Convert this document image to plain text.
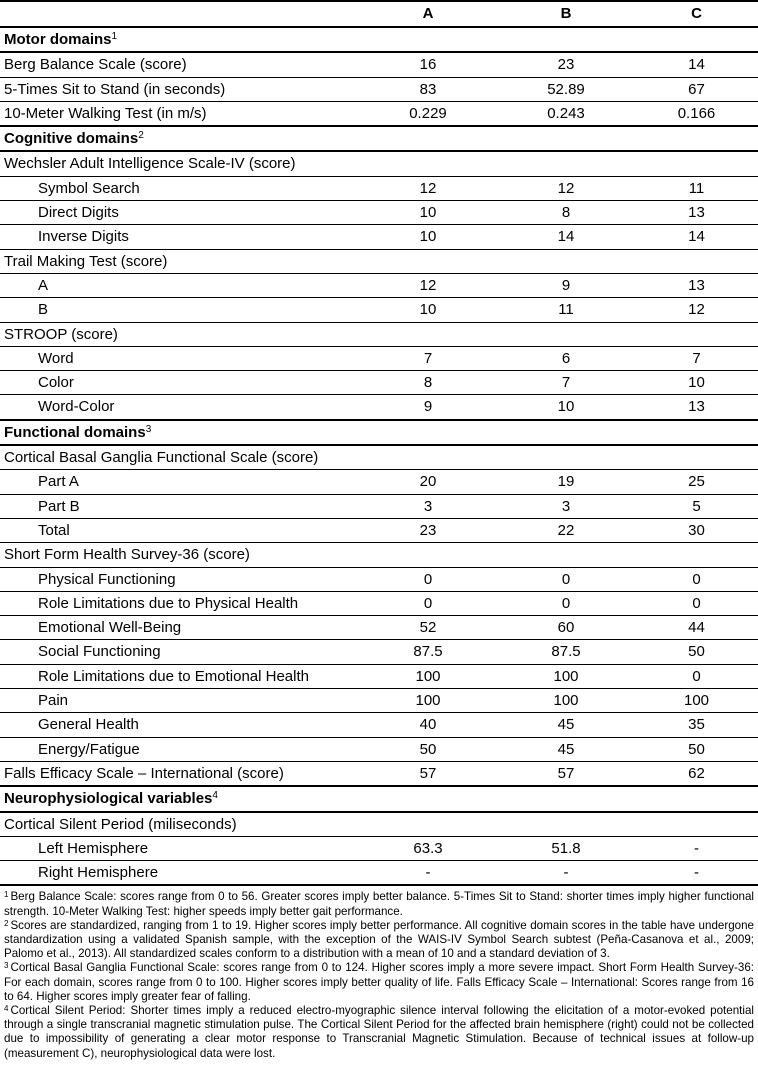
	A	B	C
Motor domains$^1$
Berg Balance Scale (score)	16	23	14
5-Times Sit to Stand (in seconds)	83	52.89	67
10-Meter Walking Test (in m/s)	0.229	0.243	0.166
Cognitive domains$^2$
Wechsler Adult Intelligence Scale-IV (score)			
Symbol Search	12	12	11
Direct Digits	10	8	13
Inverse Digits	10	14	14
Trail Making Test (score)			
A	12	9	13
B	10	11	12
STROOP (score)			
Word	7	6	7
Color	8	7	10
Word-Color	9	10	13
Functional domains$^3$
Cortical Basal Ganglia Functional Scale (score)			
Part A	20	19	25
Part B	3	3	5
Total	23	22	30
Short Form Health Survey-36 (score)			
Physical Functioning	0	0	0
Role Limitations due to Physical Health	0	0	0
Emotional Well-Being	52	60	44
Social Functioning	87.5	87.5	50
Role Limitations due to Emotional Health	100	100	0
Pain	100	100	100
General Health	40	45	35
Energy/Fatigue	50	45	50
Falls Efficacy Scale – International (score)	57	57	62
Neurophysiological variables$^4$
Cortical Silent Period (miliseconds)			
Left Hemisphere	63.3	51.8	-
Right Hemisphere	-	-	-

$^1$ Berg Balance Scale: scores range from 0 to 56. Greater scores imply better balance. 5-Times Sit to Stand: shorter times imply higher functional strength. 10-Meter Walking Test: higher speeds imply better gait performance.

$^2$ Scores are standardized, ranging from 1 to 19. Higher scores imply better performance. All cognitive domain scores in the table have undergone standardization using a validated Spanish sample, with the exception of the WAIS-IV Symbol Search subtest (Peña-Casanova et al., 2009; Palomo et al., 2013). All standardized scales conform to a distribution with a mean of 10 and a standard deviation of 3.

$^3$ Cortical Basal Ganglia Functional Scale: scores range from 0 to 124. Higher scores imply a more severe impact. Short Form Health Survey-36: For each domain, scores range from 0 to 100. Higher scores imply better quality of life. Falls Efficacy Scale – International: Scores range from 16 to 64. Higher scores imply greater fear of falling.

$^4$ Cortical Silent Period: Shorter times imply a reduced electro-myographic silence interval following the elicitation of a motor-evoked potential through a single transcranial magnetic stimulation pulse. The Cortical Silent Period for the affected brain hemisphere (right) could not be collected due to impossibility of generating a clear motor response to Transcranial Magnetic Stimulation. Because of technical issues at follow-up (measurement C), neurophysiological data were lost.
